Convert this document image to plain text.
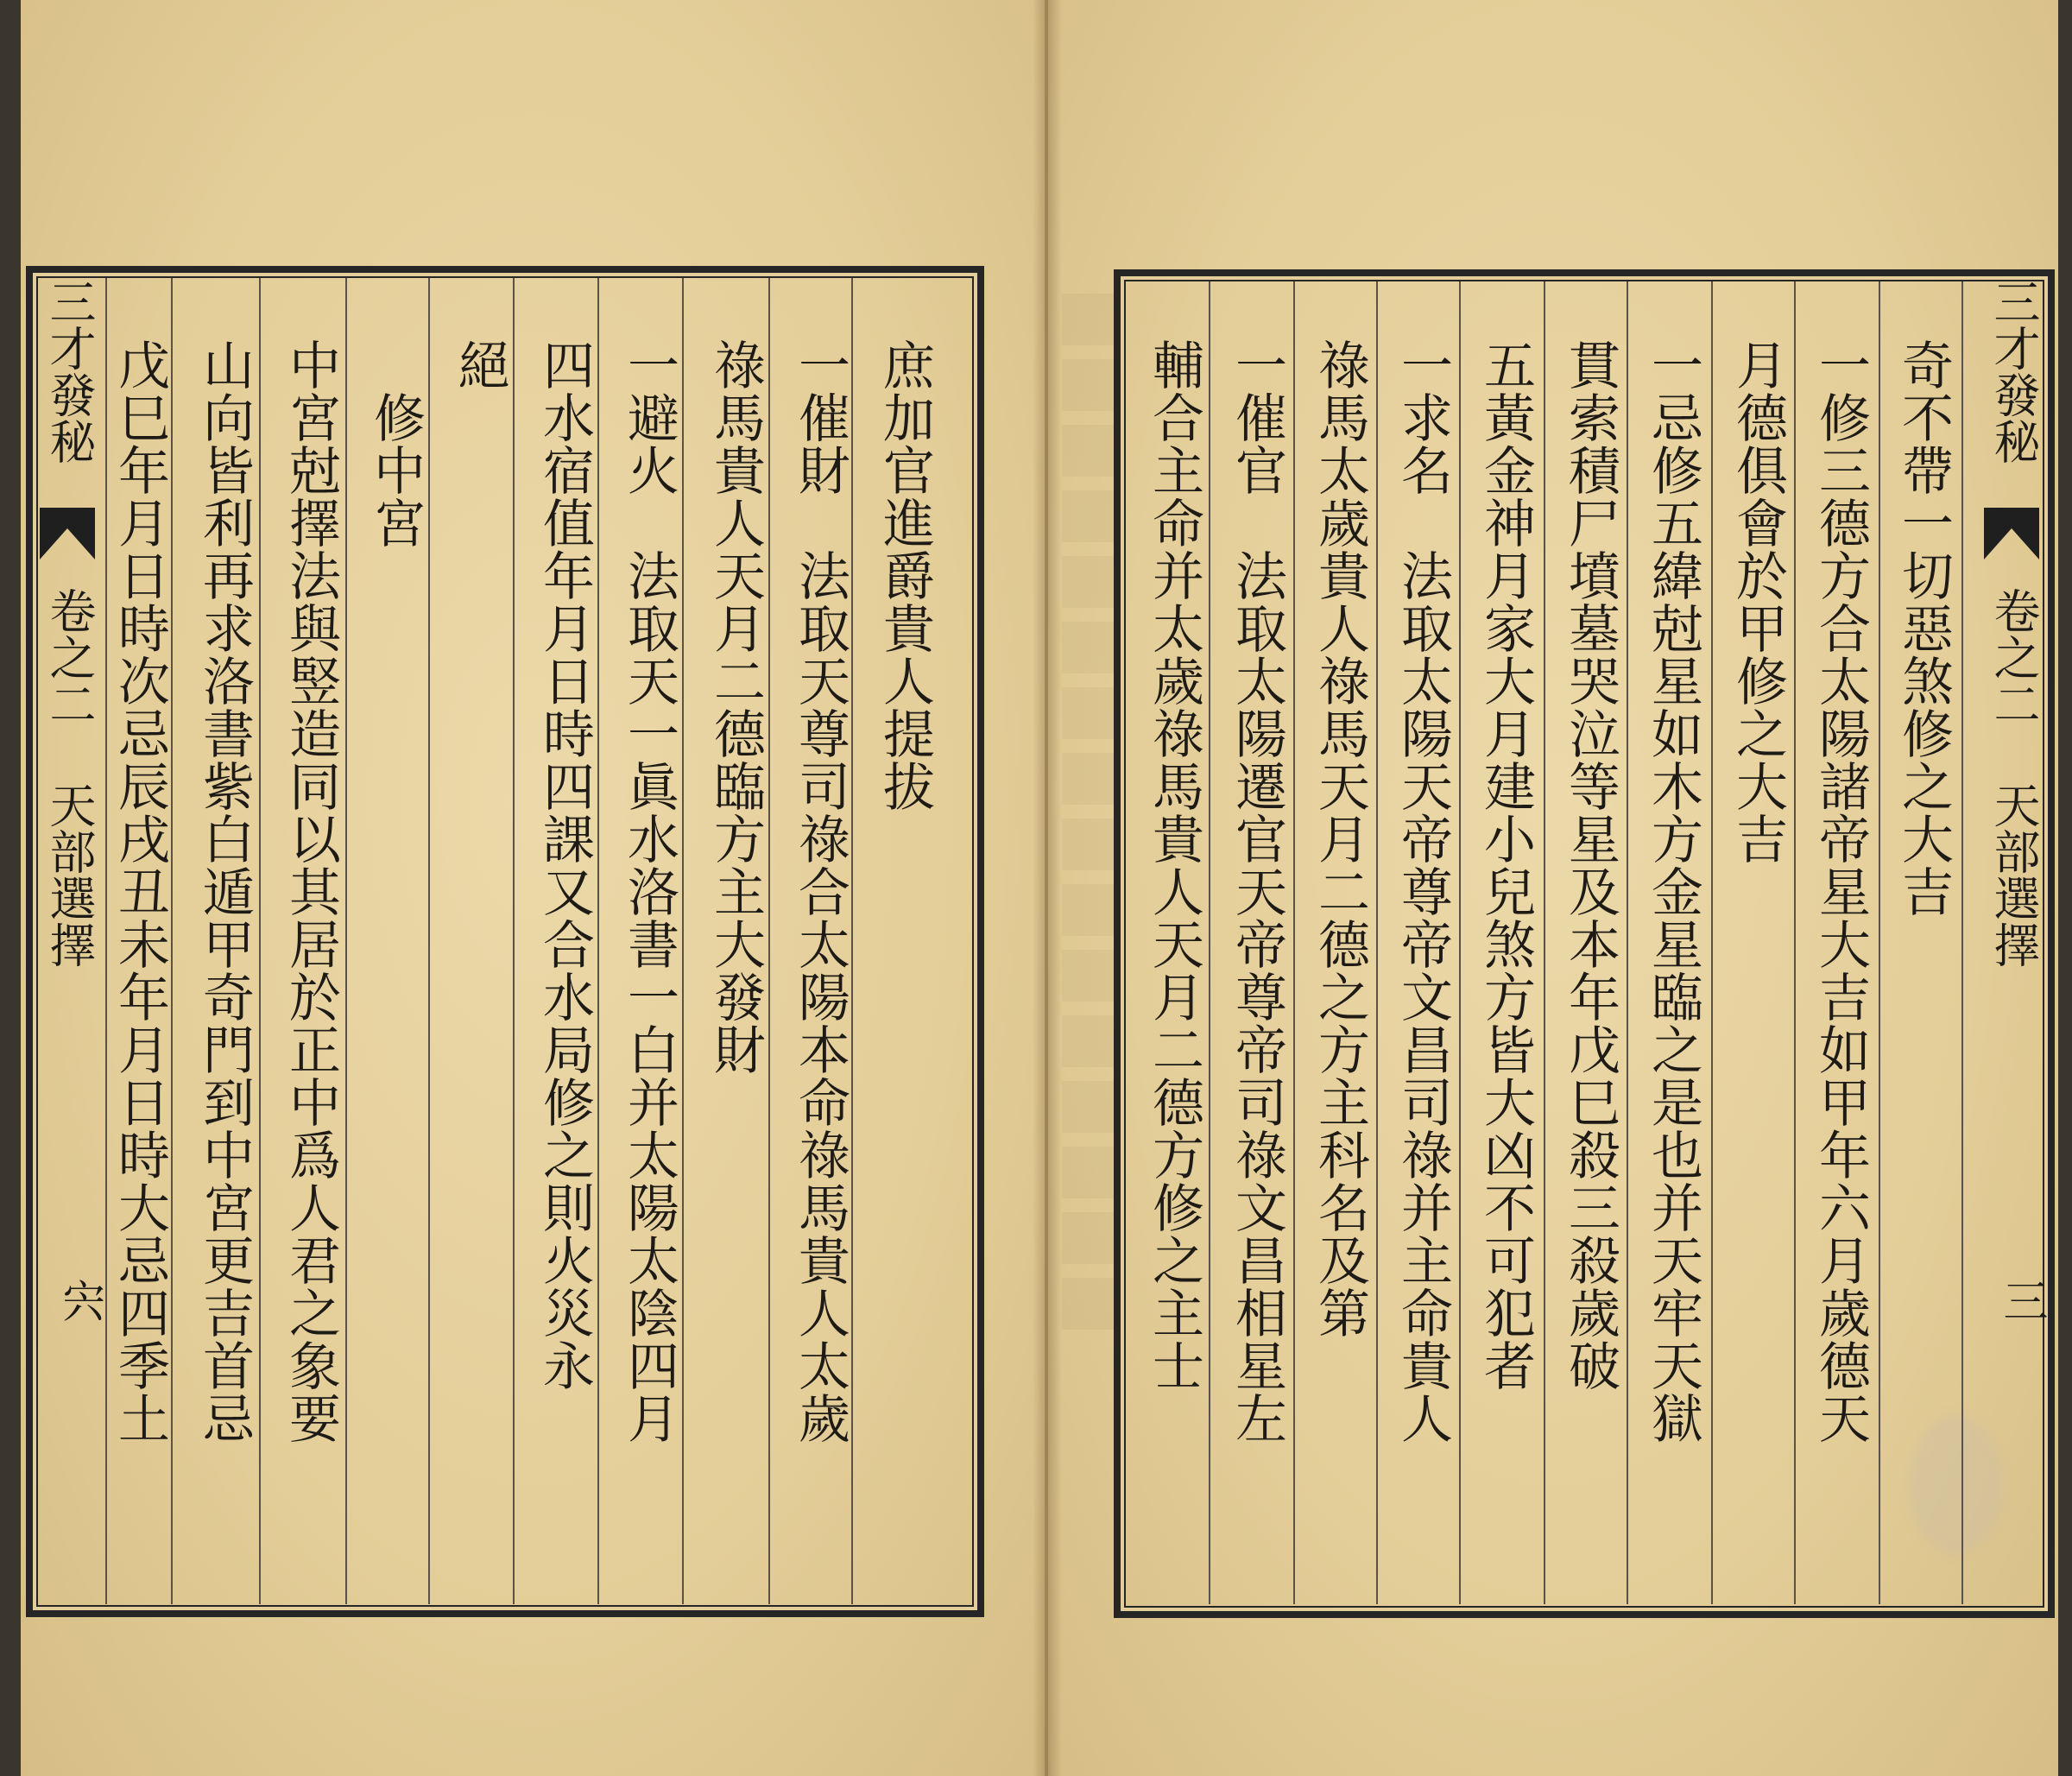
庶加官進爵貴人提拔
一催財　法取天尊司祿合太陽本命祿馬貴人太歲
祿馬貴人天月二德臨方主大發財
一避火　法取天一眞水洛書一白并太陽太陰四月
四水宿值年月日時四課又合水局修之則火災永
絕
　修中宮
中宮尅擇法與竪造同以其居於正中爲人君之象要
山向皆利再求洛書紫白遁甲奇門到中宮更吉首忌
戊巳年月日時次忌辰戌丑未年月日時大忌四季土
三才發秘
卷之二 天部選擇
宍
奇不帶一切惡煞修之大吉
一修三德方合太陽諸帝星大吉如甲年六月歲德天
月德俱會於甲修之大吉
一忌修五緯尅星如木方金星臨之是也并天牢天獄
貫索積尸墳墓哭泣等星及本年戊巳殺三殺歲破
五黃金神月家大月建小兒煞方皆大凶不可犯者
一求名　法取太陽天帝尊帝文昌司祿并主命貴人
祿馬太歲貴人祿馬天月二德之方主科名及第
一催官　法取太陽遷官天帝尊帝司祿文昌相星左
輔合主命并太歲祿馬貴人天月二德方修之主士	三才發秘
卷之二 天部選擇
三
